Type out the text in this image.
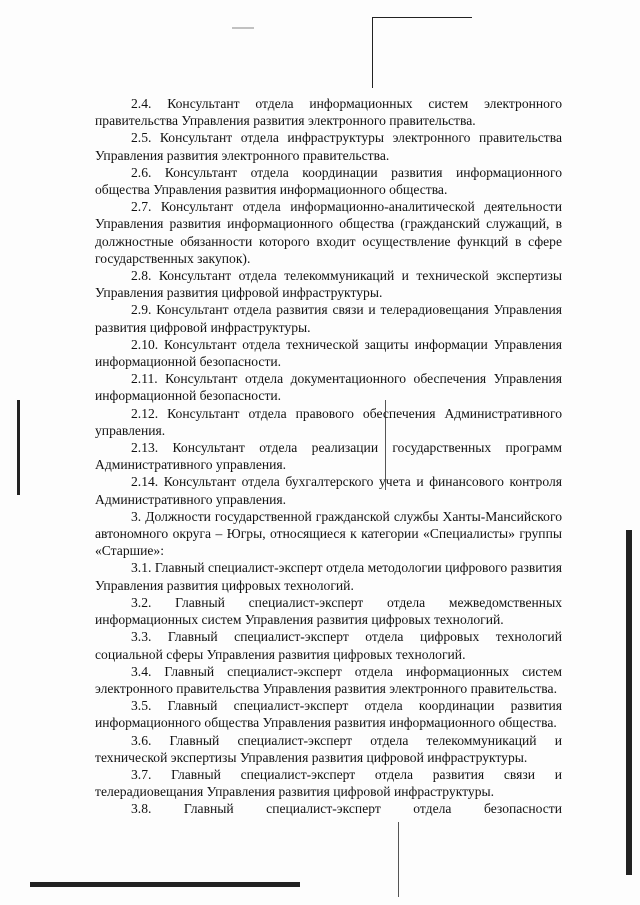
2.4. Консультант отдела информационных систем электронного правительства Управления развития электронного правительства.

2.5. Консультант отдела инфраструктуры электронного правительства Управления развития электронного правительства.

2.6. Консультант отдела координации развития информационного общества Управления развития информационного общества.

2.7. Консультант отдела информационно-аналитической деятельности Управления развития информационного общества (гражданский служащий, в должностные обязанности которого входит осуществление функций в сфере государственных закупок).

2.8. Консультант отдела телекоммуникаций и технической экспертизы Управления развития цифровой инфраструктуры.

2.9. Консультант отдела развития связи и телерадиовещания Управления развития цифровой инфраструктуры.

2.10. Консультант отдела технической защиты информации Управления информационной безопасности.

2.11. Консультант отдела документационного обеспечения Управления информационной безопасности.

2.12. Консультант отдела правового обеспечения Административного управления.

2.13. Консультант отдела реализации государственных программ Административного управления.

2.14. Консультант отдела бухгалтерского учета и финансового контроля Административного управления.

3. Должности государственной гражданской службы Ханты-Мансийского автономного округа – Югры, относящиеся к категории «Специалисты» группы «Старшие»:

3.1. Главный специалист-эксперт отдела методологии цифрового развития Управления развития цифровых технологий.

3.2. Главный специалист-эксперт отдела межведомственных информационных систем Управления развития цифровых технологий.

3.3. Главный специалист-эксперт отдела цифровых технологий социальной сферы Управления развития цифровых технологий.

3.4. Главный специалист-эксперт отдела информационных систем электронного правительства Управления развития электронного правительства.

3.5. Главный специалист-эксперт отдела координации развития информационного общества Управления развития информационного общества.

3.6. Главный специалист-эксперт отдела телекоммуникаций и технической экспертизы Управления развития цифровой инфраструктуры.

3.7. Главный специалист-эксперт отдела развития связи и телерадиовещания Управления развития цифровой инфраструктуры.

3.8. Главный специалист-эксперт отдела безопасности
